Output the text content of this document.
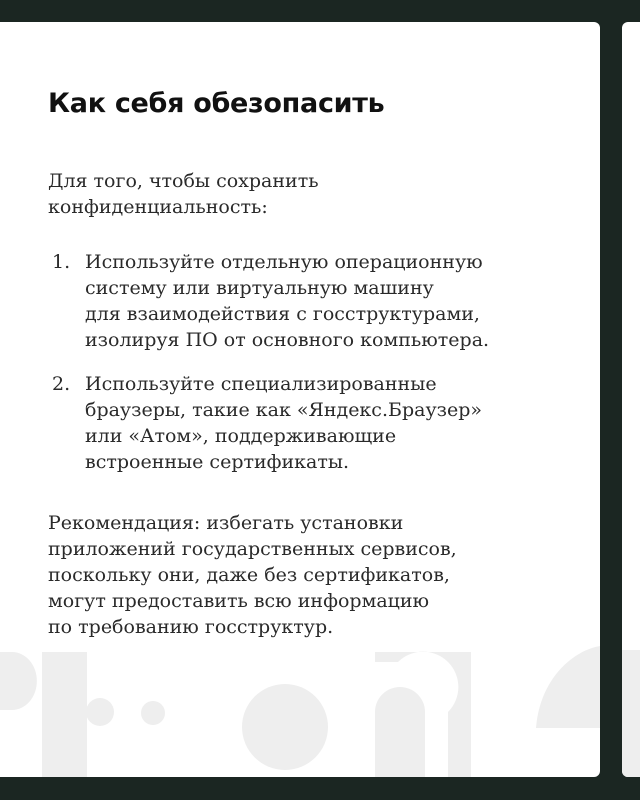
Как себя обезопасить

Для того, чтобы сохранить
конфиденциальность:

1. Используйте отдельную операционную
систему или виртуальную машину
для взаимодействия с госструктурами,
изолируя ПО от основного компьютера.
2. Используйте специализированные
браузеры, такие как «Яндекс.Браузер»
или «Атом», поддерживающие
встроенные сертификаты.

Рекомендация: избегать установки
приложений государственных сервисов,
поскольку они, даже без сертификатов,
могут предоставить всю информацию
по требованию госструктур.
